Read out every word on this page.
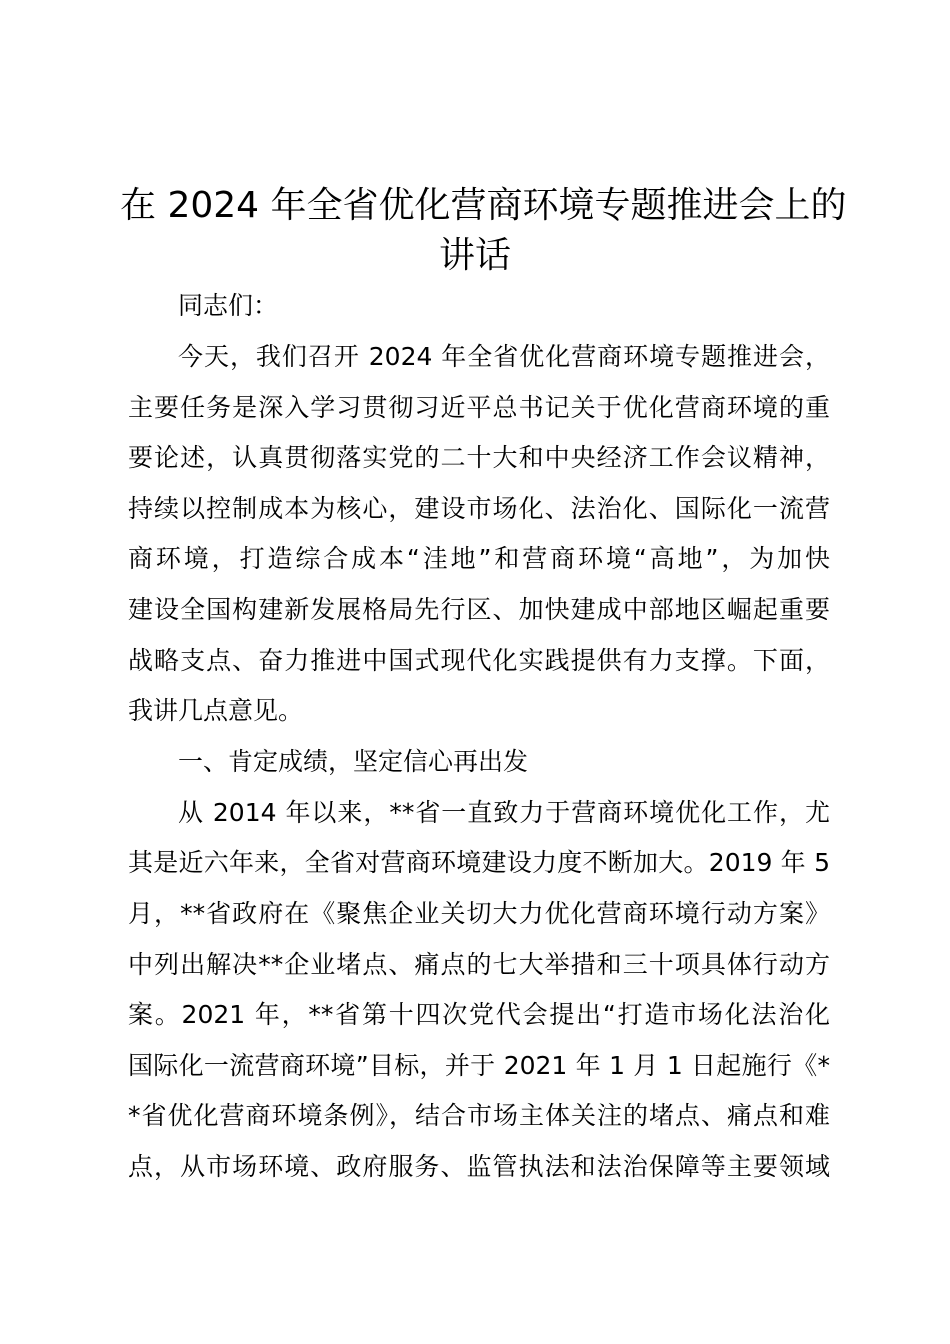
在 2024 年全省优化营商环境专题推进会上的
讲话
同志们：
今天，我们召开 2024 年全省优化营商环境专题推进会，
主要任务是深入学习贯彻习近平总书记关于优化营商环境的重
要论述，认真贯彻落实党的二十大和中央经济工作会议精神，
持续以控制成本为核心，建设市场化、法治化、国际化一流营
商环境，打造综合成本“洼地”和营商环境“高地”，为加快
建设全国构建新发展格局先行区、加快建成中部地区崛起重要
战略支点、奋力推进中国式现代化实践提供有力支撑。下面，
我讲几点意见。
一、肯定成绩，坚定信心再出发
从 2014 年以来，**省一直致力于营商环境优化工作，尤
其是近六年来，全省对营商环境建设力度不断加大。2019 年 5
月，**省政府在《聚焦企业关切大力优化营商环境行动方案》
中列出解决**企业堵点、痛点的七大举措和三十项具体行动方
案。2021 年，**省第十四次党代会提出“打造市场化法治化
国际化一流营商环境”目标，并于 2021 年 1 月 1 日起施行《*
*省优化营商环境条例》，结合市场主体关注的堵点、痛点和难
点，从市场环境、政府服务、监管执法和法治保障等主要领域
